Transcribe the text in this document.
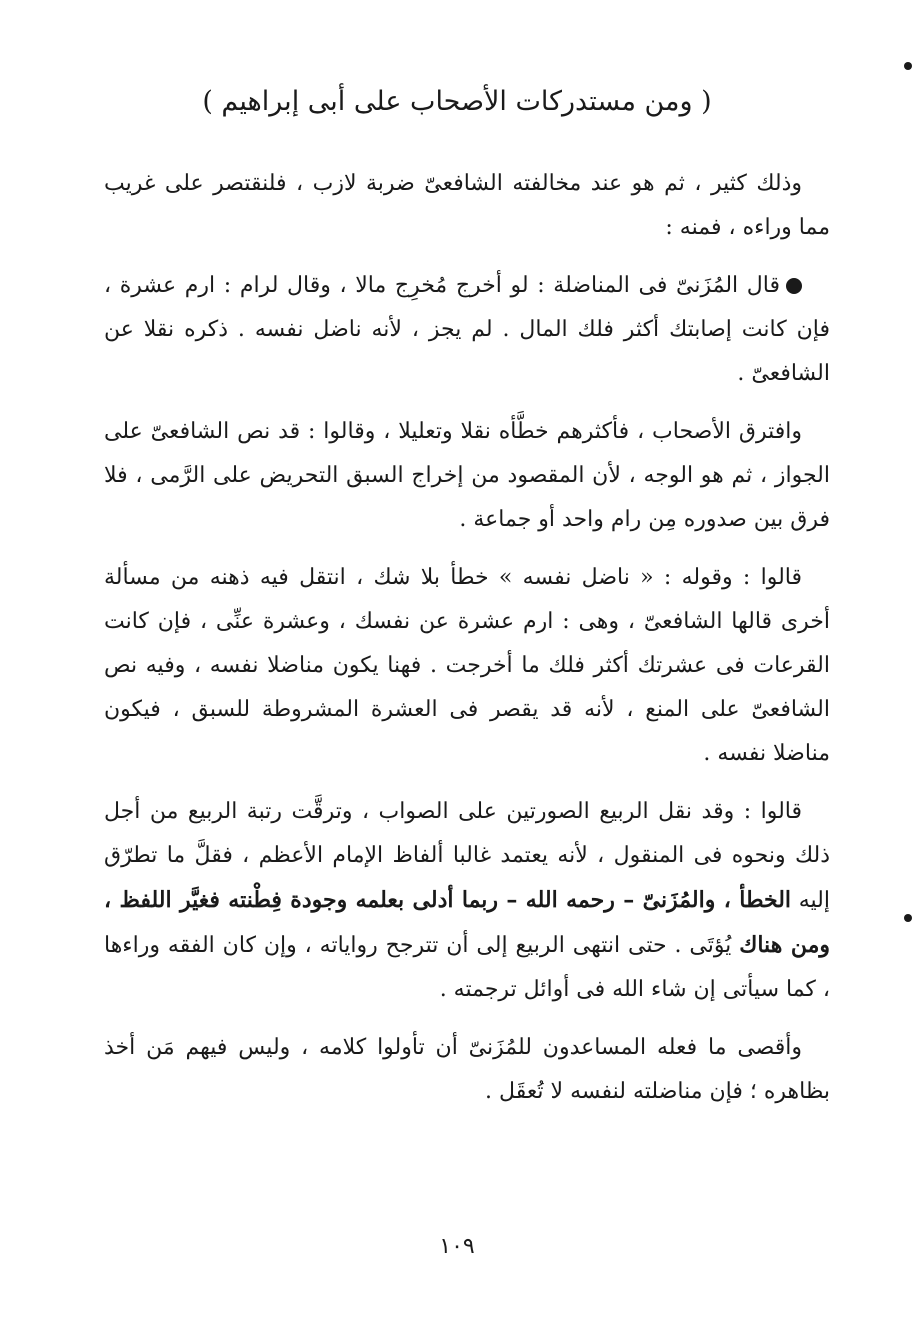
( ومن مستدركات الأصحاب على أبى إبراهيم )

وذلك كثير ، ثم هو عند مخالفته الشافعىّ ضربة لازب ، فلنقتصر على غريب مما وراءه ، فمنه :

قال المُزَنىّ فى المناضلة : لو أخرج مُخرِج مالا ، وقال لرام : ارم عشرة ، فإن كانت إصابتك أكثر فلك المال . لم يجز ، لأنه ناضل نفسه . ذكره نقلا عن الشافعىّ .

وافترق الأصحاب ، فأكثرهم خطَّأه نقلا وتعليلا ، وقالوا : قد نص الشافعىّ على الجواز ، ثم هو الوجه ، لأن المقصود من إخراج السبق التحريض على الرَّمى ، فلا فرق بين صدوره مِن رام واحد أو جماعة .

قالوا : وقوله : « ناضل نفسه » خطأ بلا شك ، انتقل فيه ذهنه من مسألة أخرى قالها الشافعىّ ، وهى : ارم عشرة عن نفسك ، وعشرة عنِّى ، فإن كانت القرعات فى عشرتك أكثر فلك ما أخرجت . فهنا يكون مناضلا نفسه ، وفيه نص الشافعىّ على المنع ، لأنه قد يقصر فى العشرة المشروطة للسبق ، فيكون مناضلا نفسه .

قالوا : وقد نقل الربيع الصورتين على الصواب ، وترقَّت رتبة الربيع من أجل ذلك ونحوه فى المنقول ، لأنه يعتمد غالبا ألفاظ الإمام الأعظم ، فقلَّ ما تطرّق إليه الخطأ ، والمُزَنىّ – رحمه الله – ربما أدلى بعلمه وجودة فِطْنته فغيَّر اللفظ ، ومن هناك يُؤتَى . حتى انتهى الربيع إلى أن تترجح رواياته ، وإن كان الفقه وراءها ، كما سيأتى إن شاء الله فى أوائل ترجمته .

وأقصى ما فعله المساعدون للمُزَنىّ أن تأولوا كلامه ، وليس فيهم مَن أخذ بظاهره ؛ فإن مناضلته لنفسه لا تُعقَل .

١٠٩
